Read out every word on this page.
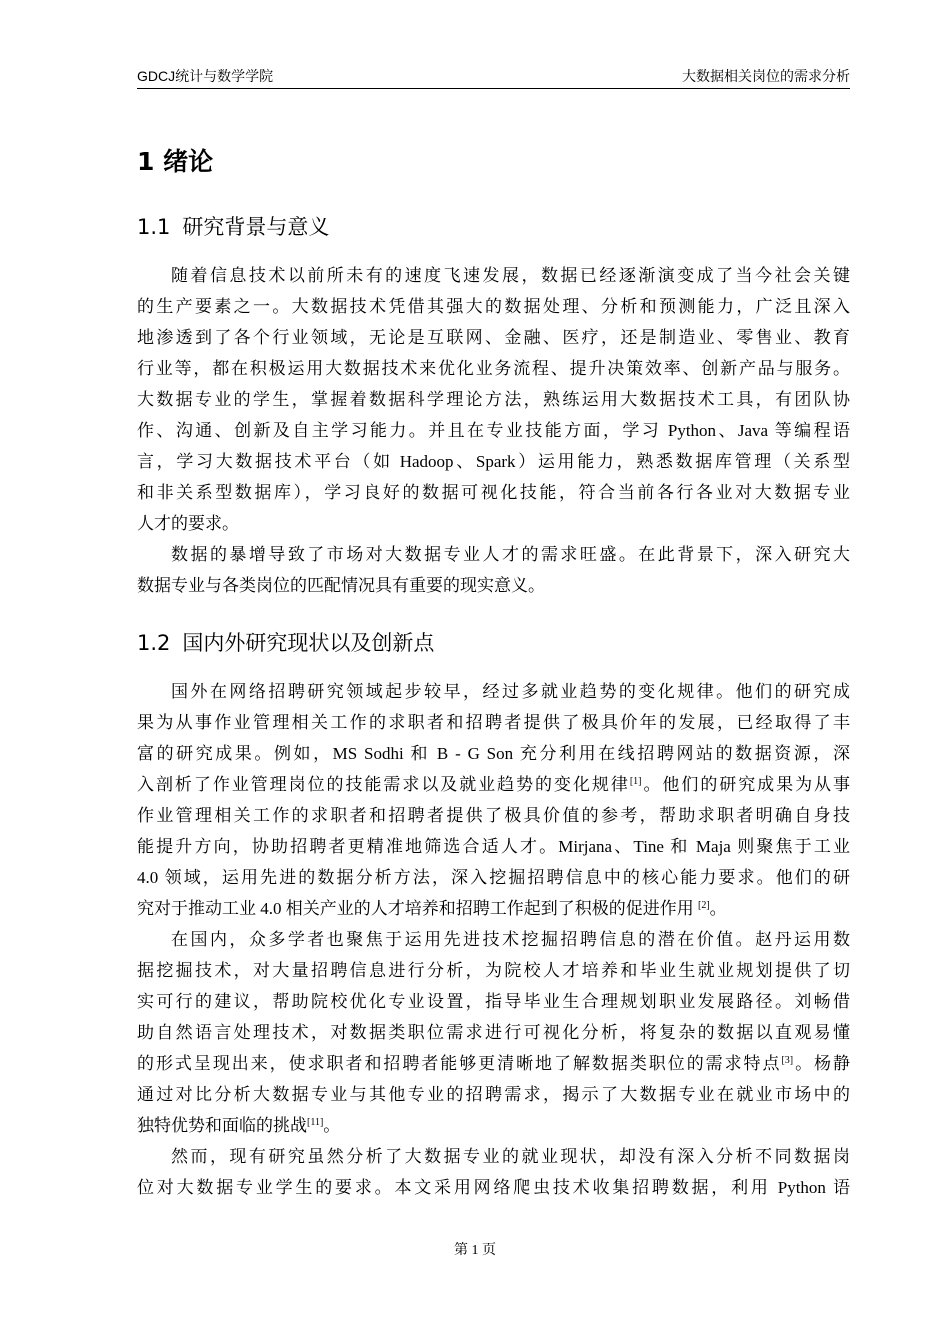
GDCJ统计与数学学院	大数据相关岗位的需求分析
1 绪论
1.1 研究背景与意义

随着信息技术以前所未有的速度飞速发展，数据已经逐渐演变成了当今社会关键
的生产要素之一。大数据技术凭借其强大的数据处理、分析和预测能力，广泛且深入
地渗透到了各个行业领域，无论是互联网、金融、医疗，还是制造业、零售业、教育
行业等，都在积极运用大数据技术来优化业务流程、提升决策效率、创新产品与服务。
大数据专业的学生，掌握着数据科学理论方法，熟练运用大数据技术工具，有团队协
作、沟通、创新及自主学习能力。并且在专业技能方面，学习 Python、Java 等编程语
言，学习大数据技术平台（如 Hadoop、Spark）运用能力，熟悉数据库管理（关系型
和非关系型数据库），学习良好的数据可视化技能，符合当前各行各业对大数据专业
人才的要求。

数据的暴增导致了市场对大数据专业人才的需求旺盛。在此背景下，深入研究大
数据专业与各类岗位的匹配情况具有重要的现实意义。

1.2 国内外研究现状以及创新点

国外在网络招聘研究领域起步较早，经过多就业趋势的变化规律。他们的研究成
果为从事作业管理相关工作的求职者和招聘者提供了极具价年的发展，已经取得了丰
富的研究成果。例如，MS Sodhi 和 B - G Son 充分利用在线招聘网站的数据资源，深
入剖析了作业管理岗位的技能需求以及就业趋势的变化规律[1]。他们的研究成果为从事
作业管理相关工作的求职者和招聘者提供了极具价值的参考，帮助求职者明确自身技
能提升方向，协助招聘者更精准地筛选合适人才。Mirjana、Tine 和 Maja 则聚焦于工业
4.0 领域，运用先进的数据分析方法，深入挖掘招聘信息中的核心能力要求。他们的研
究对于推动工业 4.0 相关产业的人才培养和招聘工作起到了积极的促进作用 [2]。

在国内，众多学者也聚焦于运用先进技术挖掘招聘信息的潜在价值。赵丹运用数
据挖掘技术，对大量招聘信息进行分析，为院校人才培养和毕业生就业规划提供了切
实可行的建议，帮助院校优化专业设置，指导毕业生合理规划职业发展路径。刘畅借
助自然语言处理技术，对数据类职位需求进行可视化分析，将复杂的数据以直观易懂
的形式呈现出来，使求职者和招聘者能够更清晰地了解数据类职位的需求特点[3]。杨静
通过对比分析大数据专业与其他专业的招聘需求，揭示了大数据专业在就业市场中的
独特优势和面临的挑战[11]。

然而，现有研究虽然分析了大数据专业的就业现状，却没有深入分析不同数据岗
位对大数据专业学生的要求。本文采用网络爬虫技术收集招聘数据，利用 Python 语

第 1 页
